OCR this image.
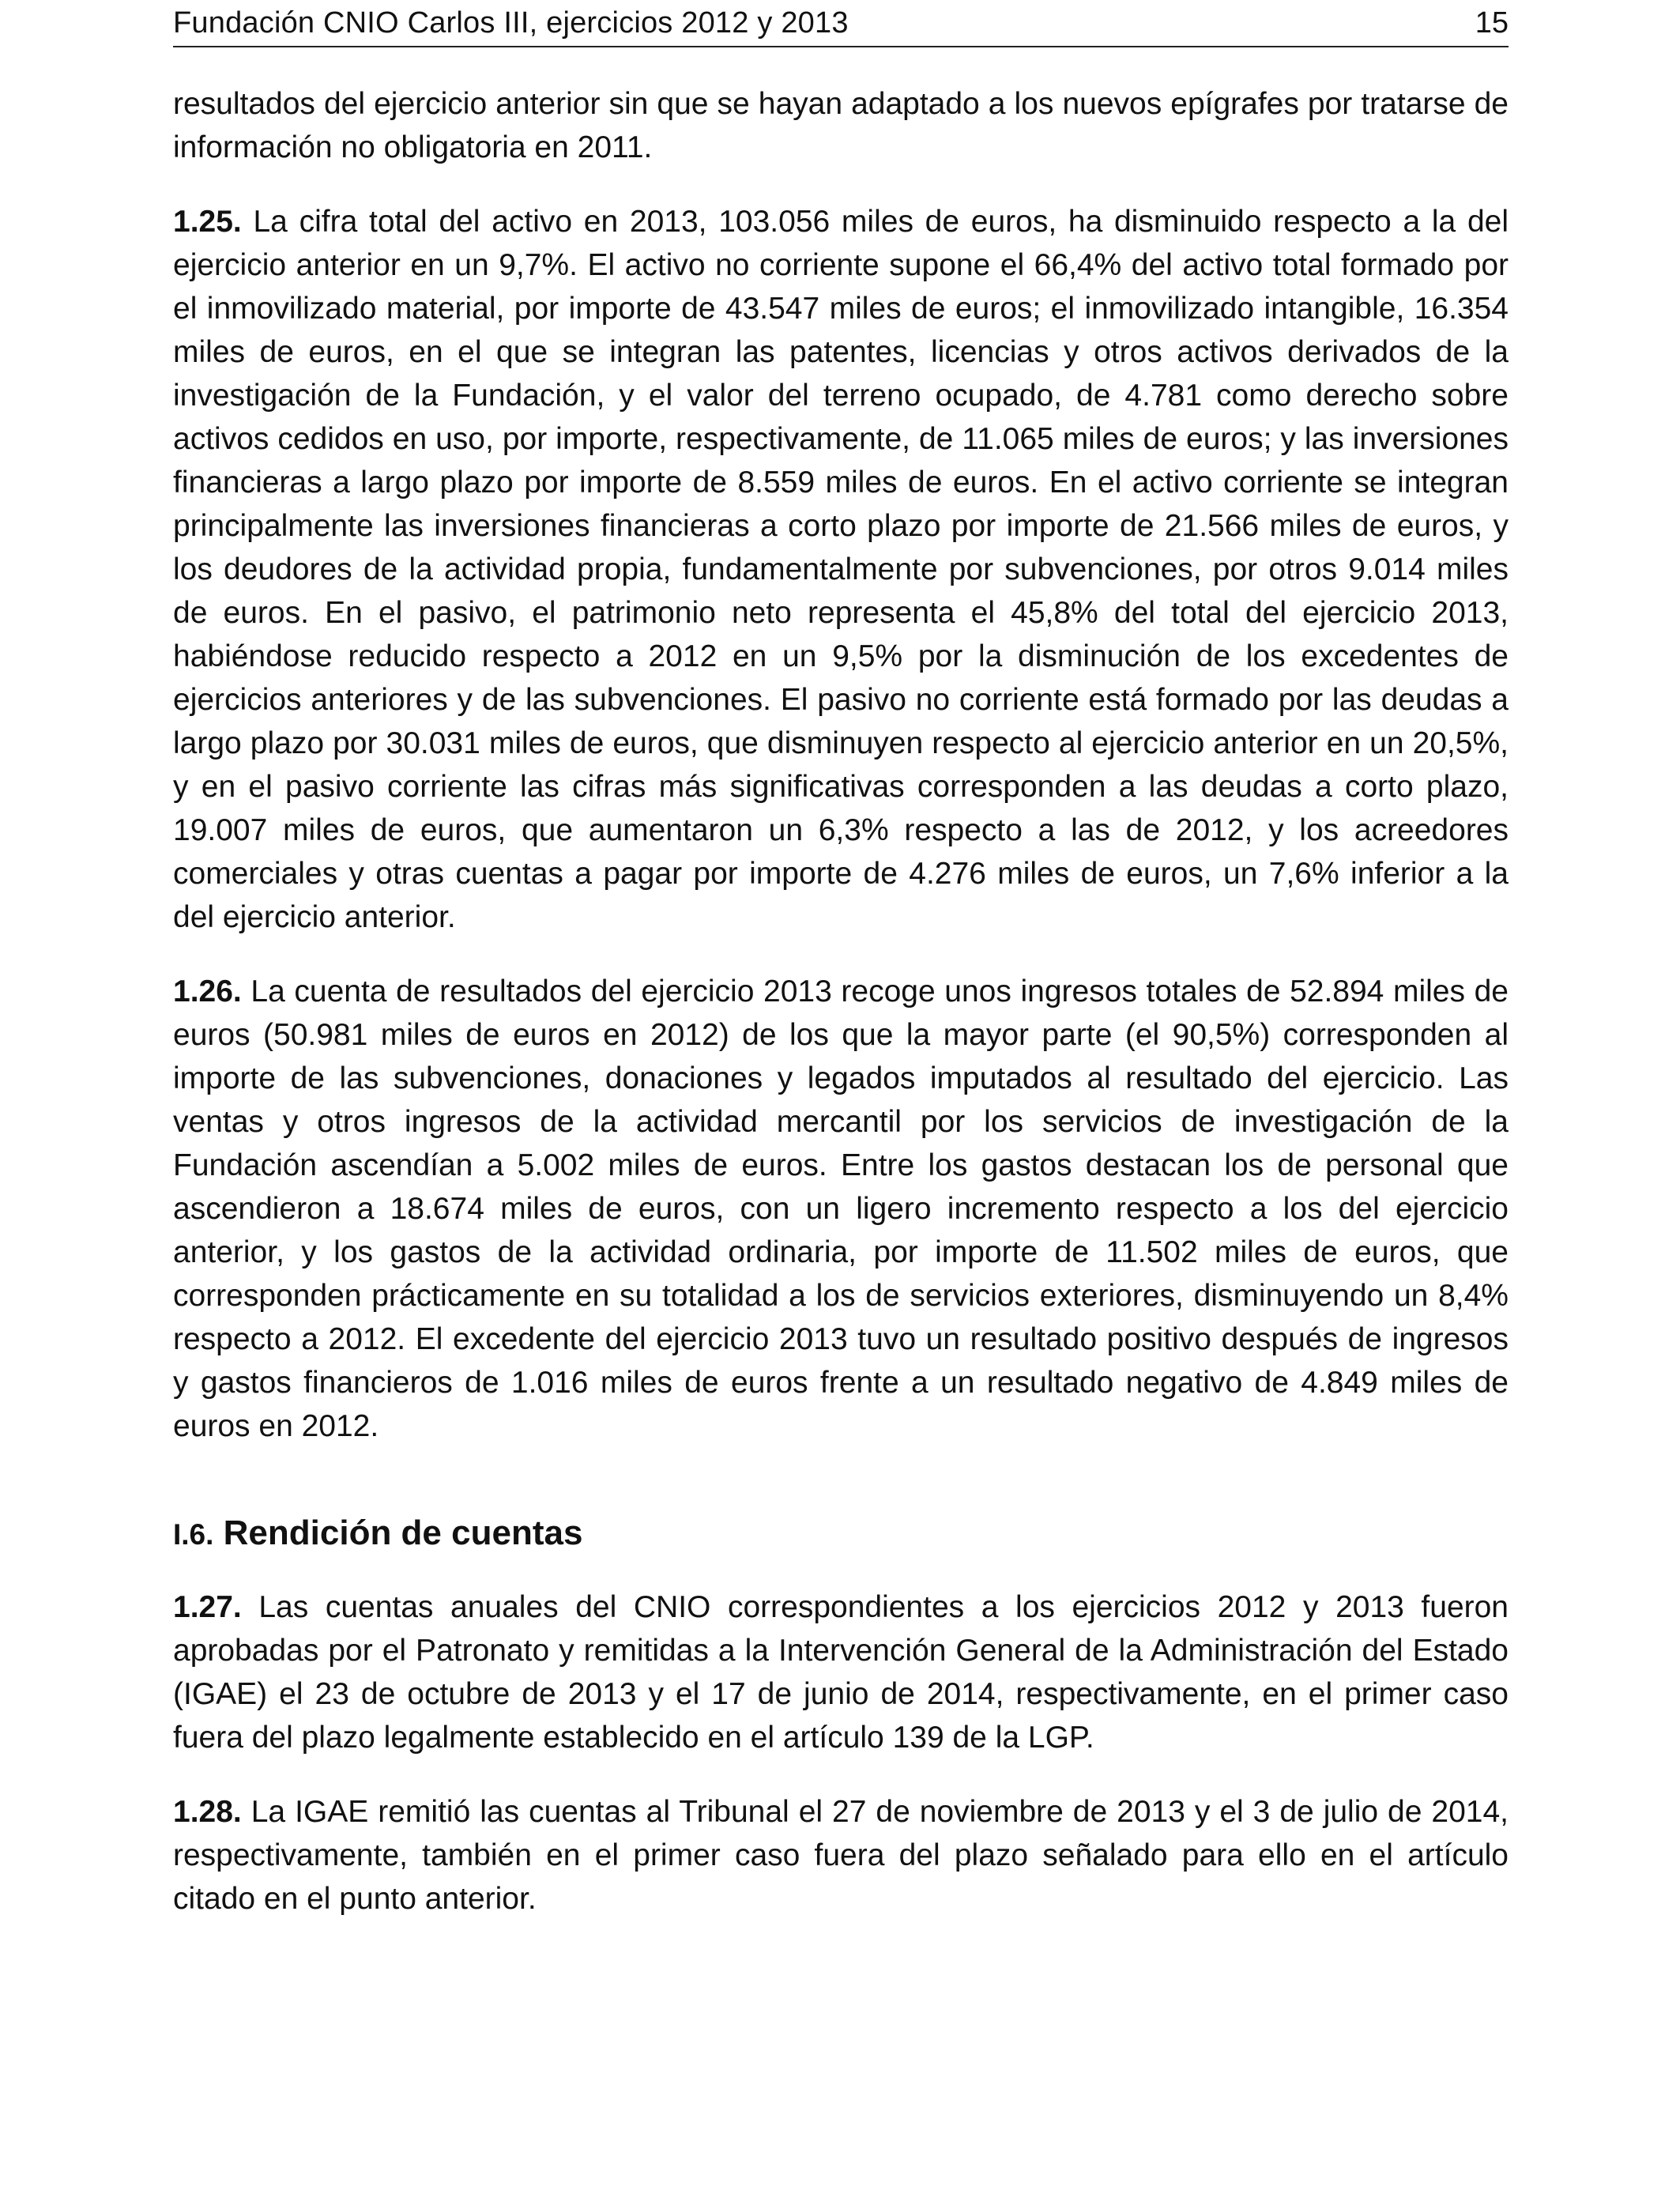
Fundación CNIO Carlos III, ejercicios 2012 y 2013	15

resultados del ejercicio anterior sin que se hayan adaptado a los nuevos epígrafes por tratarse de información no obligatoria en 2011.

1.25. La cifra total del activo en 2013, 103.056 miles de euros, ha disminuido respecto a la del ejercicio anterior en un 9,7%. El activo no corriente supone el 66,4% del activo total formado por el inmovilizado material, por importe de 43.547 miles de euros; el inmovilizado intangible, 16.354 miles de euros, en el que se integran las patentes, licencias y otros activos derivados de la investigación de la Fundación, y el valor del terreno ocupado, de 4.781 como derecho sobre activos cedidos en uso, por importe, respectivamente, de 11.065 miles de euros; y las inversiones financieras a largo plazo por importe de 8.559 miles de euros. En el activo corriente se integran principalmente las inversiones financieras a corto plazo por importe de 21.566 miles de euros, y los deudores de la actividad propia, fundamentalmente por subvenciones, por otros 9.014 miles de euros. En el pasivo, el patrimonio neto representa el 45,8% del total del ejercicio 2013, habiéndose reducido respecto a 2012 en un 9,5% por la disminución de los excedentes de ejercicios anteriores y de las subvenciones. El pasivo no corriente está formado por las deudas a largo plazo por 30.031 miles de euros, que disminuyen respecto al ejercicio anterior en un 20,5%, y en el pasivo corriente las cifras más significativas corresponden a las deudas a corto plazo, 19.007 miles de euros, que aumentaron un 6,3% respecto a las de 2012, y los acreedores comerciales y otras cuentas a pagar por importe de 4.276 miles de euros, un 7,6% inferior a la del ejercicio anterior.

1.26. La cuenta de resultados del ejercicio 2013 recoge unos ingresos totales de 52.894 miles de euros (50.981 miles de euros en 2012) de los que la mayor parte (el 90,5%) corresponden al importe de las subvenciones, donaciones y legados imputados al resultado del ejercicio. Las ventas y otros ingresos de la actividad mercantil por los servicios de investigación de la Fundación ascendían a 5.002 miles de euros. Entre los gastos destacan los de personal que ascendieron a 18.674 miles de euros, con un ligero incremento respecto a los del ejercicio anterior, y los gastos de la actividad ordinaria, por importe de 11.502 miles de euros, que corresponden prácticamente en su totalidad a los de servicios exteriores, disminuyendo un 8,4% respecto a 2012. El excedente del ejercicio 2013 tuvo un resultado positivo después de ingresos y gastos financieros de 1.016 miles de euros frente a un resultado negativo de 4.849 miles de euros en 2012.

I.6. Rendición de cuentas

1.27. Las cuentas anuales del CNIO correspondientes a los ejercicios 2012 y 2013 fueron aprobadas por el Patronato y remitidas a la Intervención General de la Administración del Estado (IGAE) el 23 de octubre de 2013 y el 17 de junio de 2014, respectivamente, en el primer caso fuera del plazo legalmente establecido en el artículo 139 de la LGP.

1.28. La IGAE remitió las cuentas al Tribunal el 27 de noviembre de 2013 y el 3 de julio de 2014, respectivamente, también en el primer caso fuera del plazo señalado para ello en el artículo citado en el punto anterior.
